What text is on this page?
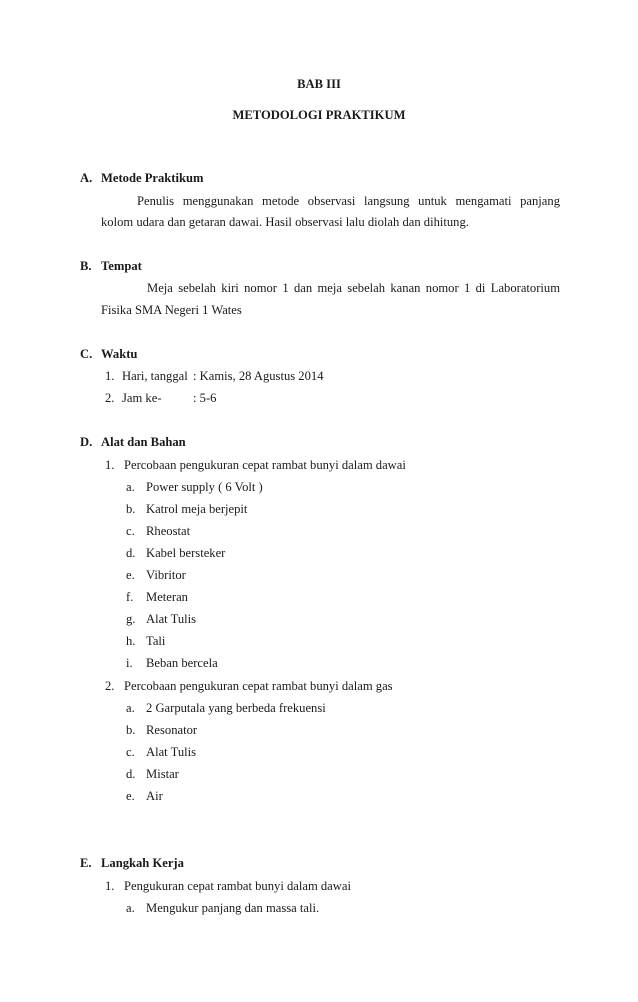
BAB III
METODOLOGI PRAKTIKUM
A. Metode Praktikum
Penulis menggunakan metode observasi langsung untuk mengamati panjang
kolom udara dan getaran dawai. Hasil observasi lalu diolah dan dihitung.
B. Tempat
Meja sebelah kiri nomor 1 dan meja sebelah kanan nomor 1 di Laboratorium
Fisika SMA Negeri 1 Wates
C. Waktu
1. Hari, tanggal : Kamis, 28 Agustus 2014
2. Jam ke- : 5-6
D. Alat dan Bahan
1. Percobaan pengukuran cepat rambat bunyi dalam dawai
a. Power supply ( 6 Volt )
b. Katrol meja berjepit
c. Rheostat
d. Kabel bersteker
e. Vibritor
f. Meteran
g. Alat Tulis
h. Tali
i. Beban bercela
2. Percobaan pengukuran cepat rambat bunyi dalam gas
a. 2 Garputala yang berbeda frekuensi
b. Resonator
c. Alat Tulis
d. Mistar
e. Air
E. Langkah Kerja
1. Pengukuran cepat rambat bunyi dalam dawai
a. Mengukur panjang dan massa tali.
